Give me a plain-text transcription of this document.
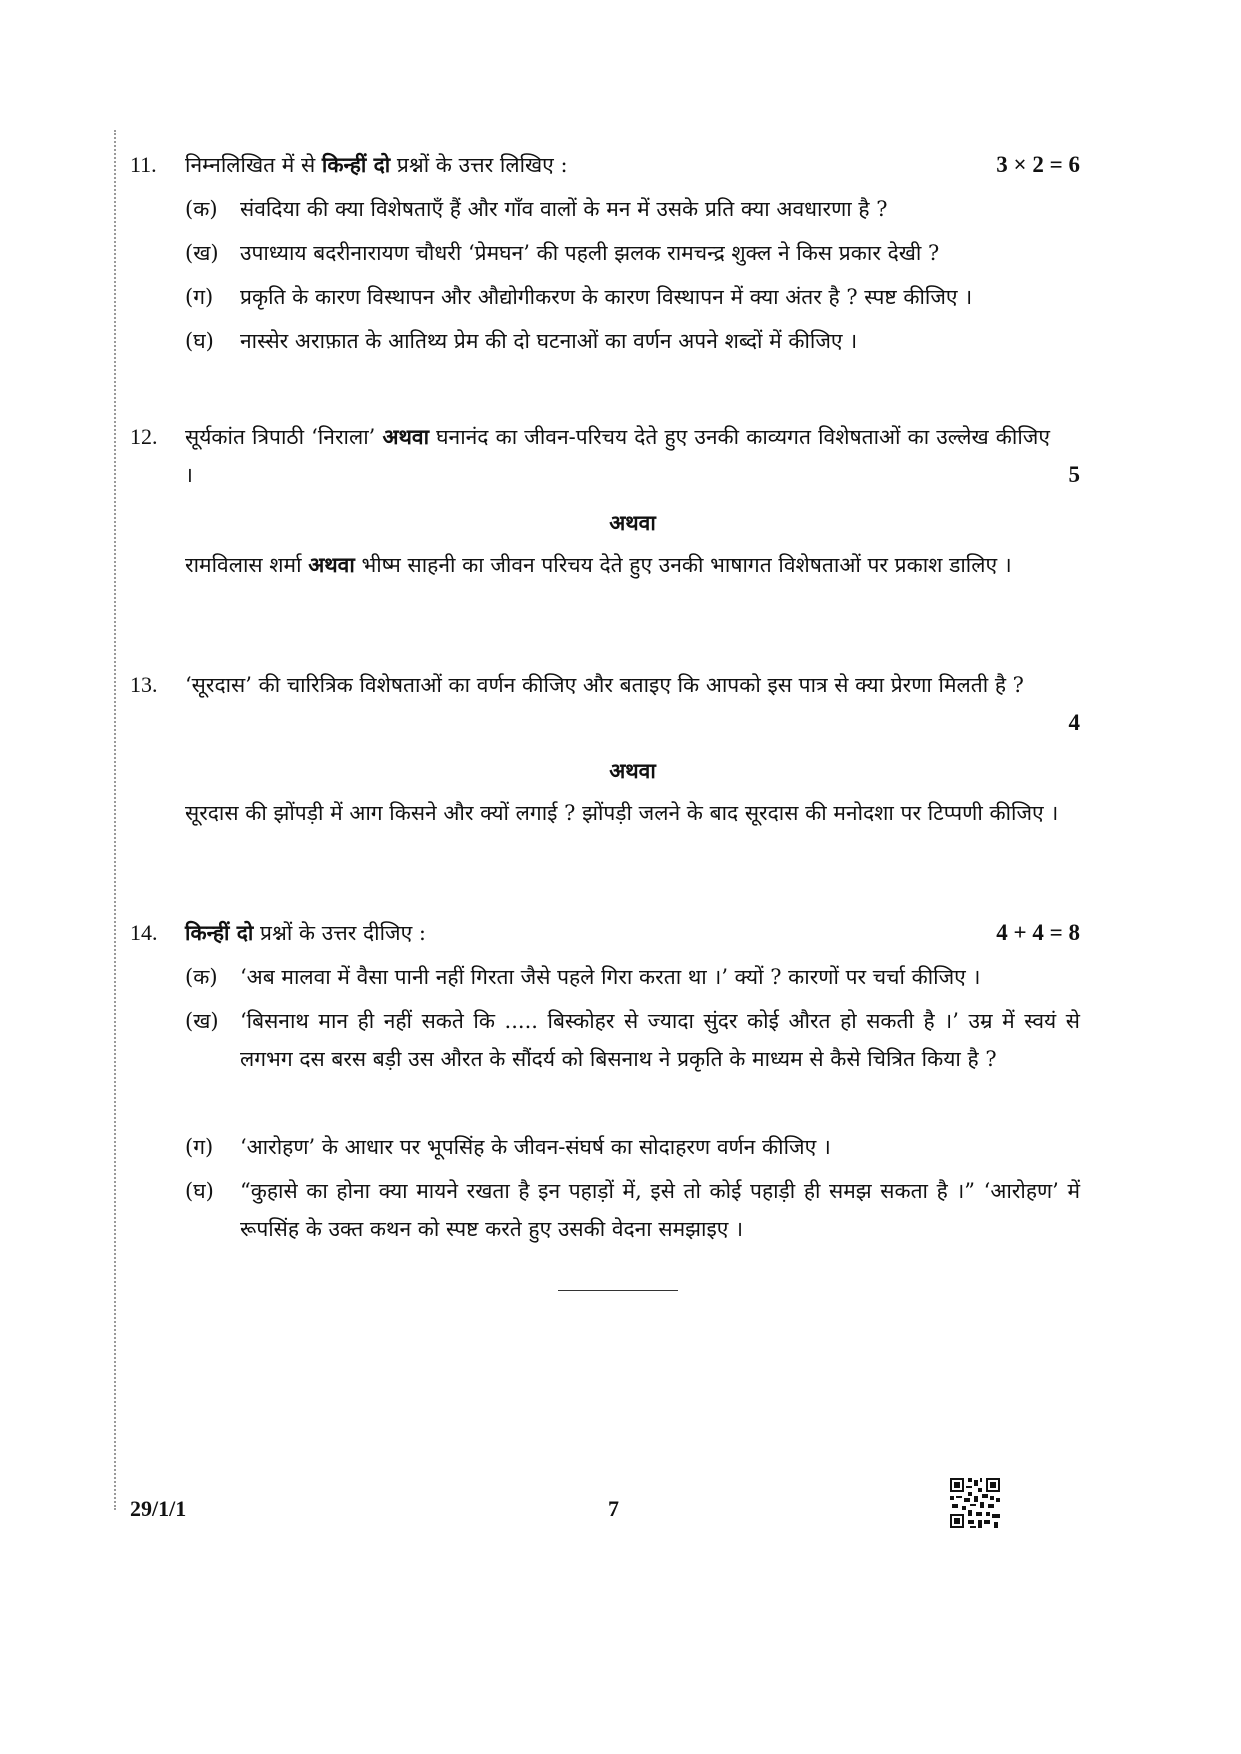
11.	निम्नलिखित में से किन्हीं दो प्रश्नों के उत्तर लिखिए :	3 × 2 = 6
(क)	संवदिया की क्या विशेषताएँ हैं और गाँव वालों के मन में उसके प्रति क्या अवधारणा है ?
(ख)	उपाध्याय बदरीनारायण चौधरी ‘प्रेमघन’ की पहली झलक रामचन्द्र शुक्ल ने किस प्रकार देखी ?
(ग)	प्रकृति के कारण विस्थापन और औद्योगीकरण के कारण विस्थापन में क्या अंतर है ? स्पष्ट कीजिए ।
(घ)	नास्सेर अराफ़ात के आतिथ्य प्रेम की दो घटनाओं का वर्णन अपने शब्दों में कीजिए ।
12.	सूर्यकांत त्रिपाठी ‘निराला’ अथवा घनानंद का जीवन-परिचय देते हुए उनकी काव्यगत विशेषताओं का उल्लेख कीजिए ।	5
अथवा
रामविलास शर्मा अथवा भीष्म साहनी का जीवन परिचय देते हुए उनकी भाषागत विशेषताओं पर प्रकाश डालिए ।
13.	‘सूरदास’ की चारित्रिक विशेषताओं का वर्णन कीजिए और बताइए कि आपको इस पात्र से क्या प्रेरणा मिलती है ?
4
अथवा
सूरदास की झोंपड़ी में आग किसने और क्यों लगाई ? झोंपड़ी जलने के बाद सूरदास की मनोदशा पर टिप्पणी कीजिए ।
14.	किन्हीं दो प्रश्नों के उत्तर दीजिए :	4 + 4 = 8
(क)	‘अब मालवा में वैसा पानी नहीं गिरता जैसे पहले गिरा करता था ।’ क्यों ? कारणों पर चर्चा कीजिए ।
(ख)	‘बिसनाथ मान ही नहीं सकते कि ..... बिस्कोहर से ज्यादा सुंदर कोई औरत हो सकती है ।’ उम्र में स्वयं से लगभग दस बरस बड़ी उस औरत के सौंदर्य को बिसनाथ ने प्रकृति के माध्यम से कैसे चित्रित किया है ?
(ग)	‘आरोहण’ के आधार पर भूपसिंह के जीवन-संघर्ष का सोदाहरण वर्णन कीजिए ।
(घ)	“कुहासे का होना क्या मायने रखता है इन पहाड़ों में, इसे तो कोई पहाड़ी ही समझ सकता है ।” ‘आरोहण’ में रूपसिंह के उक्त कथन को स्पष्ट करते हुए उसकी वेदना समझाइए ।
29/1/1	7
